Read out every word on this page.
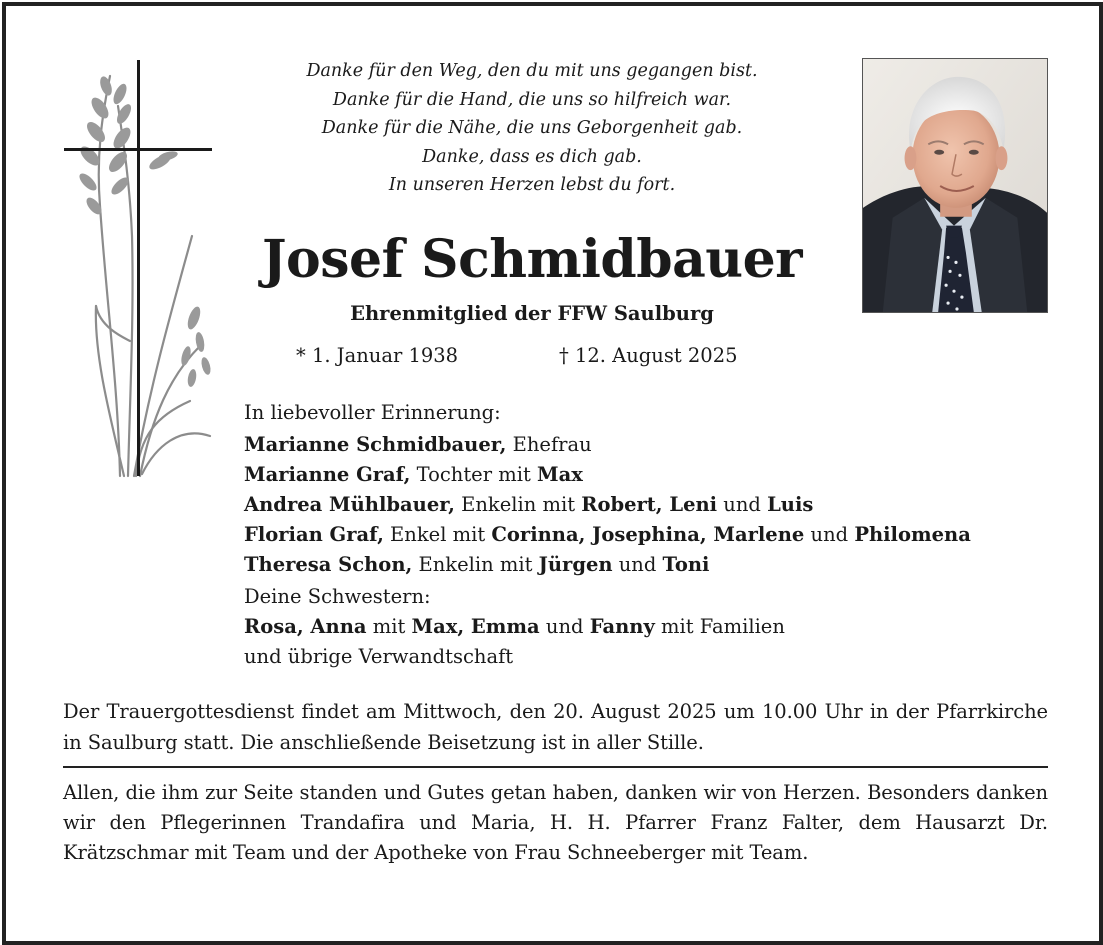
Danke für den Weg, den du mit uns gegangen bist.
Danke für die Hand, die uns so hilfreich war.
Danke für die Nähe, die uns Geborgenheit gab.
Danke, dass es dich gab.
In unseren Herzen lebst du fort.
Josef Schmidbauer
Ehrenmitglied der FFW Saulburg
* 1. Januar 1938	† 12. August 2025
In liebevoller Erinnerung:
Marianne Schmidbauer, Ehefrau
Marianne Graf, Tochter mit Max
Andrea Mühlbauer, Enkelin mit Robert, Leni und Luis
Florian Graf, Enkel mit Corinna, Josephina, Marlene und Philomena
Theresa Schon, Enkelin mit Jürgen und Toni
Deine Schwestern:
Rosa, Anna mit Max, Emma und Fanny mit Familien
und übrige Verwandtschaft
Der Trauergottesdienst findet am Mittwoch, den 20. August 2025 um 10.00 Uhr in der Pfarrkirche in Saulburg statt. Die anschließende Beisetzung ist in aller Stille.
Allen, die ihm zur Seite standen und Gutes getan haben, danken wir von Herzen. Besonders danken wir den Pflegerinnen Trandafira und Maria, H. H. Pfarrer Franz Falter, dem Hausarzt Dr. Krätzschmar mit Team und der Apotheke von Frau Schneeberger mit Team.
